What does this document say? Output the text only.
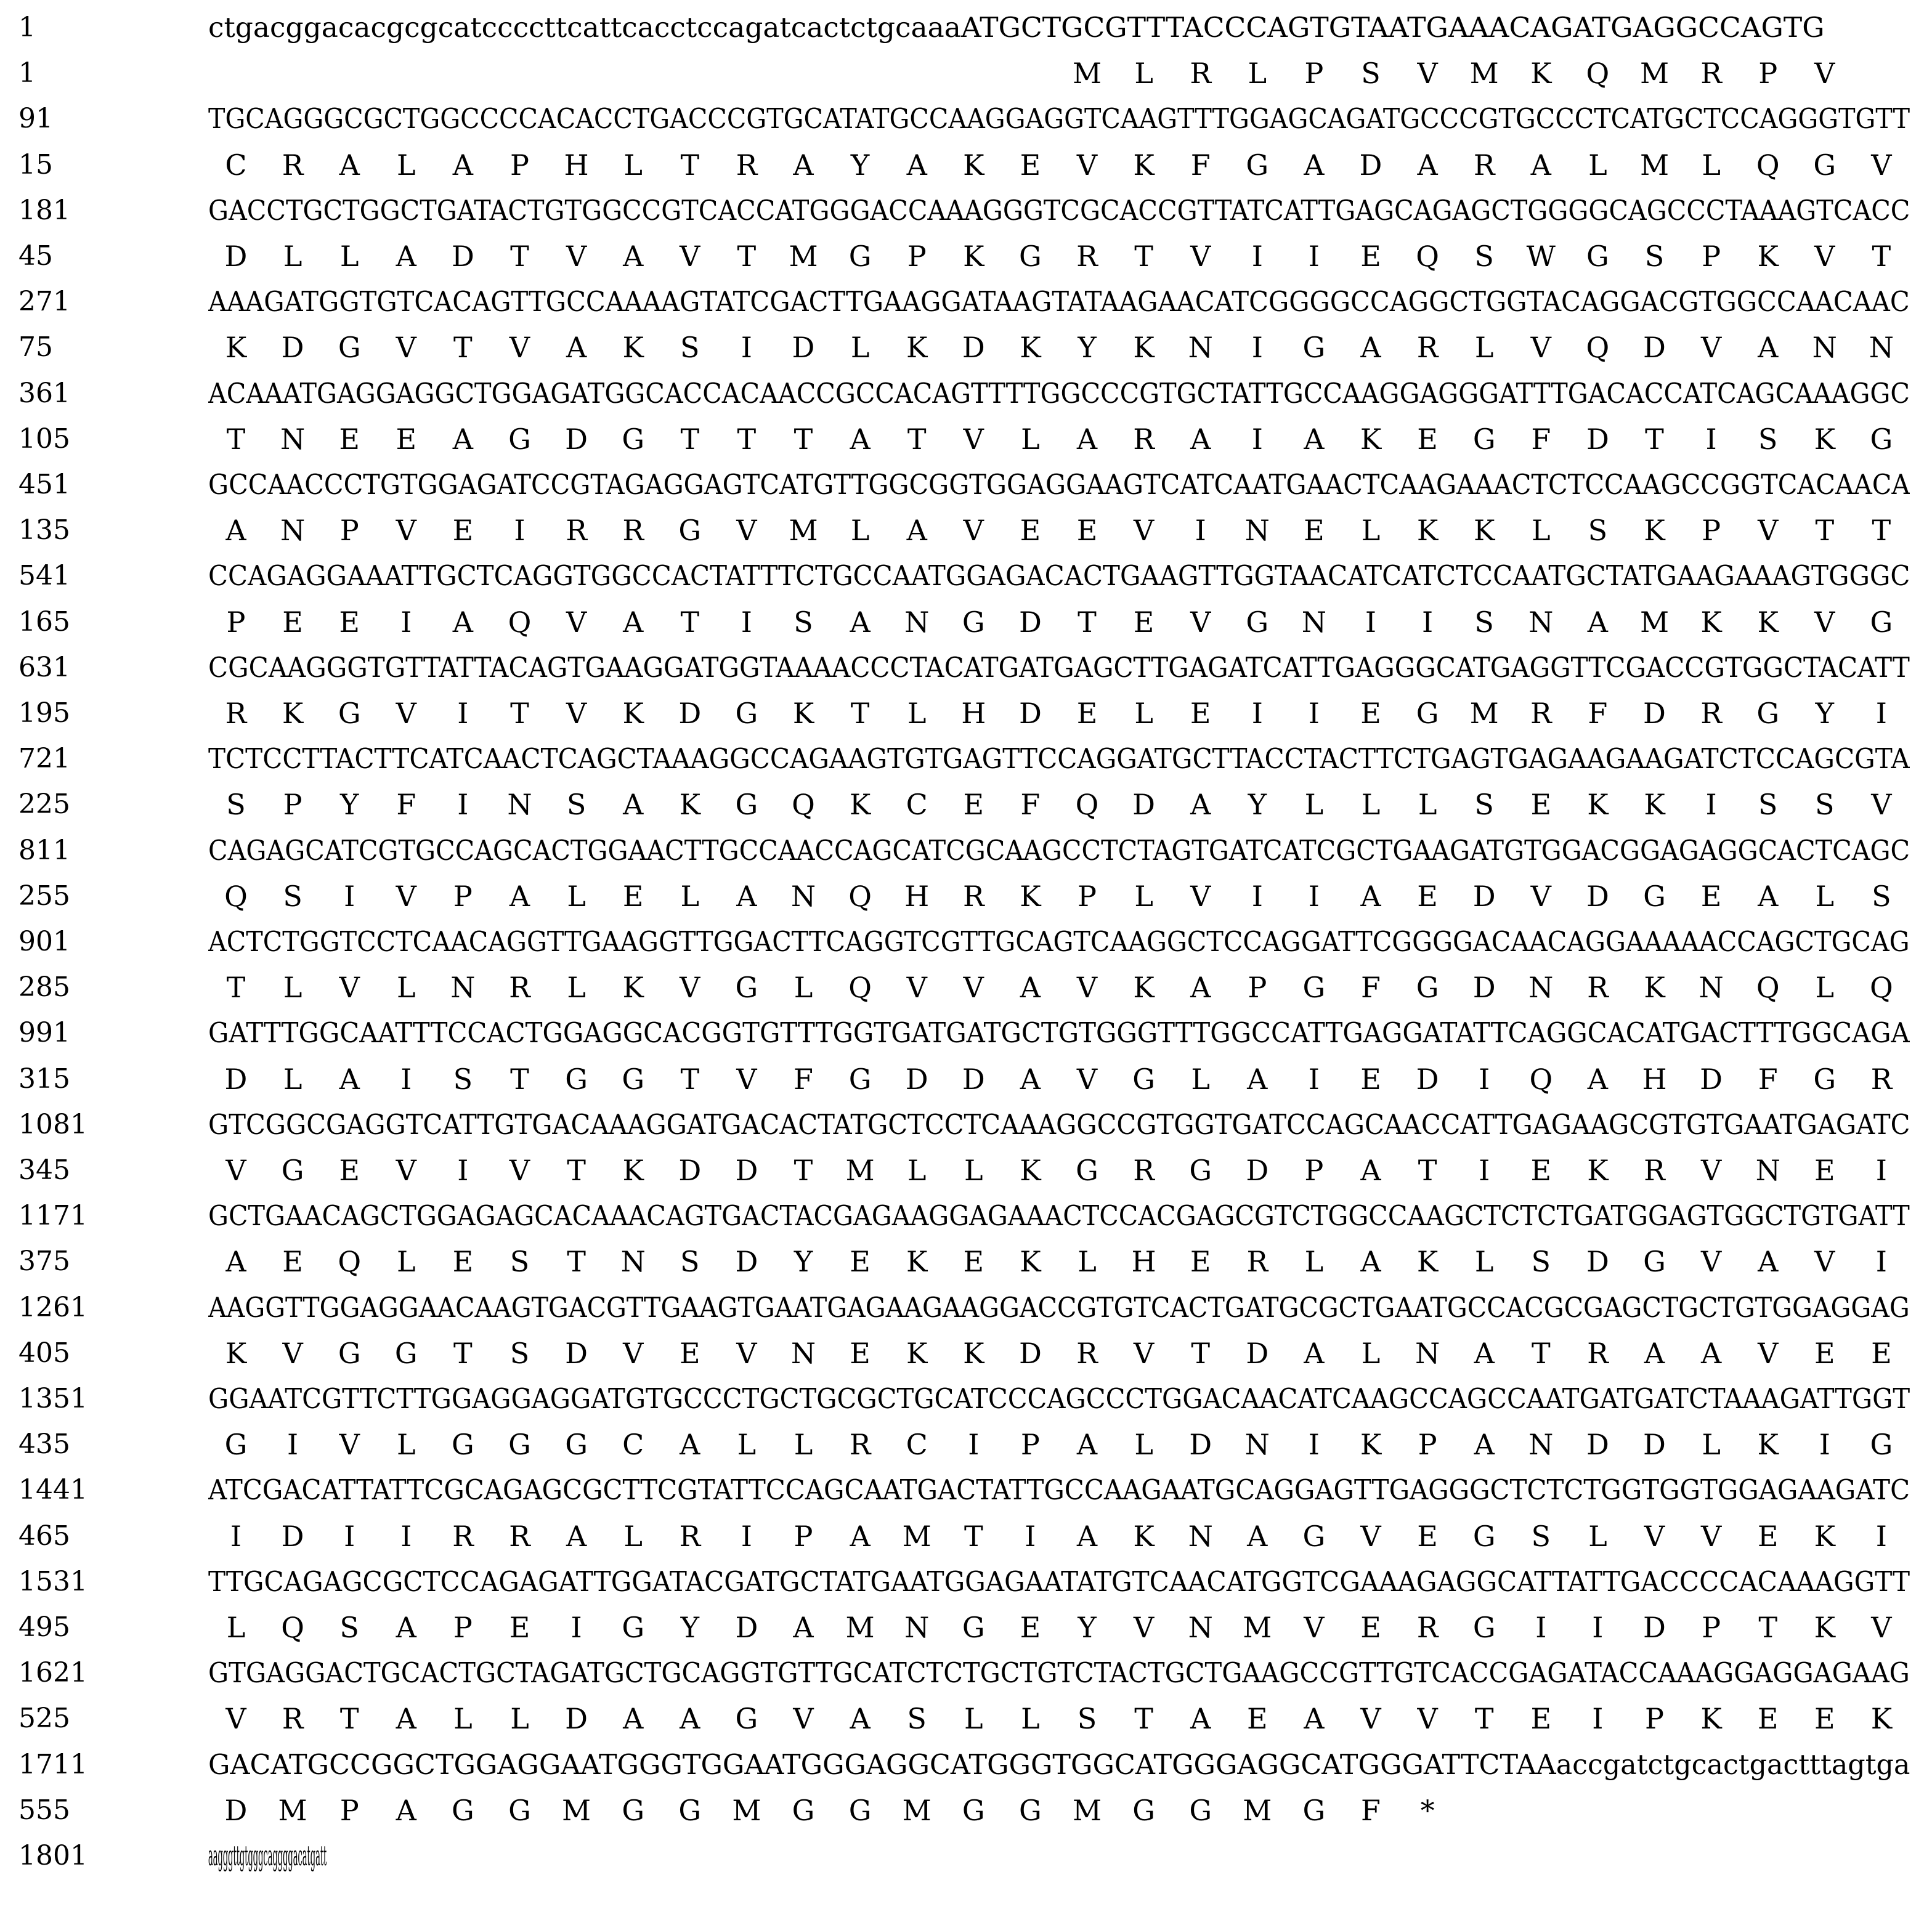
1	ctgacggacacgcgcatccccttcattcacctccagatcactctgcaaaATGCTGCGTTTACCCAGTGTAATGAAACAGATGAGGCCAGTG
1	M	L	R	L	P	S	V M K Q M R	P	V
91	TGCAGGGCGCTGGCCCCACACCTGACCCGTGCATATGCCAAGGAGGTCAAGTTTGGAGCAGATGCCCGTGCCCTCATGCTCCAGGGTGTT
15	C R A	L	A	P	H	L	T	R A	Y	A K E V K	F	G A D A R A	L	M	L	Q G V
181	GACCTGCTGGCTGATACTGTGGCCGTCACCATGGGACCAAAGGGTCGCACCGTTATCATTGAGCAGAGCTGGGGCAGCCCTAAAGTCACC
45	D	L	L	A D	T	V A V	T	M G	P	K G R	T	V	I	I	E Q	S	W G	S	P	K V	T
271	AAAGATGGTGTCACAGTTGCCAAAAGTATCGACTTGAAGGATAAGTATAAGAACATCGGGGCCAGGCTGGTACAGGACGTGGCCAACAAC
75	K D G V	T	V A K	S	I	D	L	K D K	Y	K N	I	G A R	L	V Q D V A N N
361	ACAAATGAGGAGGCTGGAGATGGCACCACAACCGCCACAGTTTTGGCCCGTGCTATTGCCAAGGAGGGATTTGACACCATCAGCAAAGGC
105	T	N E E A G D G	T	T	T	A	T	V	L	A R A	I	A K E G	F	D	T	I	S	K G
451	GCCAACCCTGTGGAGATCCGTAGAGGAGTCATGTTGGCGGTGGAGGAAGTCATCAATGAACTCAAGAAACTCTCCAAGCCGGTCACAACA
135	A N	P	V E	I	R R G V M	L	A V E E V	I	N E	L	K K	L	S	K	P	V	T	T
541	CCAGAGGAAATTGCTCAGGTGGCCACTATTTCTGCCAATGGAGACACTGAAGTTGGTAACATCATCTCCAATGCTATGAAGAAAGTGGGC
165	P	E E	I	A Q V A	T	I	S	A N G D	T	E V G N	I	I	S	N A M K K V G
631	CGCAAGGGTGTTATTACAGTGAAGGATGGTAAAACCCTACATGATGAGCTTGAGATCATTGAGGGCATGAGGTTCGACCGTGGCTACATT
195	R K G V	I	T	V K D G K	T	L	H D E	L	E	I	I	E G M R	F	D R G	Y	I
721	TCTCCTTACTTCATCAACTCAGCTAAAGGCCAGAAGTGTGAGTTCCAGGATGCTTACCTACTTCTGAGTGAGAAGAAGATCTCCAGCGTA
225	S	P	Y	F	I	N	S	A K G Q K C E	F	Q D A	Y	L	L	L	S	E K K	I	S	S	V
811	CAGAGCATCGTGCCAGCACTGGAACTTGCCAACCAGCATCGCAAGCCTCTAGTGATCATCGCTGAAGATGTGGACGGAGAGGCACTCAGC
255	Q	S	I	V	P	A	L	E	L	A N Q H R K	P	L	V	I	I	A E D V D G E A	L	S
901	ACTCTGGTCCTCAACAGGTTGAAGGTTGGACTTCAGGTCGTTGCAGTCAAGGCTCCAGGATTCGGGGACAACAGGAAAAACCAGCTGCAG
285	T	L	V	L	N R	L	K V G	L	Q V V A V K A	P	G	F	G D N R K N Q	L	Q
991	GATTTGGCAATTTCCACTGGAGGCACGGTGTTTGGTGATGATGCTGTGGGTTTGGCCATTGAGGATATTCAGGCACATGACTTTGGCAGA
315	D	L	A	I	S	T	G G	T	V	F	G D D A V G	L	A	I	E D	I	Q A H D	F	G R
1081	GTCGGCGAGGTCATTGTGACAAAGGATGACACTATGCTCCTCAAAGGCCGTGGTGATCCAGCAACCATTGAGAAGCGTGTGAATGAGATC
345	V G E V	I	V	T	K D D	T	M	L	L	K G R G D	P	A	T	I	E K R V N E	I
1171	GCTGAACAGCTGGAGAGCACAAACAGTGACTACGAGAAGGAGAAACTCCACGAGCGTCTGGCCAAGCTCTCTGATGGAGTGGCTGTGATT
375	A E Q	L	E	S	T	N	S	D	Y	E K E K	L	H E R	L	A K	L	S	D G V A V	I
1261	AAGGTTGGAGGAACAAGTGACGTTGAAGTGAATGAGAAGAAGGACCGTGTCACTGATGCGCTGAATGCCACGCGAGCTGCTGTGGAGGAG
405	K V G G	T	S	D V E V N E K K D R V	T	D A	L	N A	T	R A A V E E
1351	GGAATCGTTCTTGGAGGAGGATGTGCCCTGCTGCGCTGCATCCCAGCCCTGGACAACATCAAGCCAGCCAATGATGATCTAAAGATTGGT
435	G	I	V	L	G G G C A	L	L	R C	I	P	A	L	D N	I	K	P	A N D D	L	K	I	G
1441	ATCGACATTATTCGCAGAGCGCTTCGTATTCCAGCAATGACTATTGCCAAGAATGCAGGAGTTGAGGGCTCTCTGGTGGTGGAGAAGATC
465	I	D	I	I	R R A	L	R	I	P	A M	T	I	A K N A G V E G	S	L	V V E K	I
1531	TTGCAGAGCGCTCCAGAGATTGGATACGATGCTATGAATGGAGAATATGTCAACATGGTCGAAAGAGGCATTATTGACCCCACAAAGGTT
495	L	Q	S	A	P	E	I	G	Y	D A M N G E	Y	V N M V E R G	I	I	D	P	T	K V
1621	GTGAGGACTGCACTGCTAGATGCTGCAGGTGTTGCATCTCTGCTGTCTACTGCTGAAGCCGTTGTCACCGAGATACCAAAGGAGGAGAAG
525	V R	T	A	L	L	D A A G V A	S	L	L	S	T	A E A V V	T	E	I	P	K E E K
1711	GACATGCCGGCTGGAGGAATGGGTGGAATGGGAGGCATGGGTGGCATGGGAGGCATGGGATTCTAAaccgatctgcactgactttagtga
555	D M	P	A G G M G G M G G M G G M G G M G	F	*
1801	aagggttgtgggcaggggacatgatt
